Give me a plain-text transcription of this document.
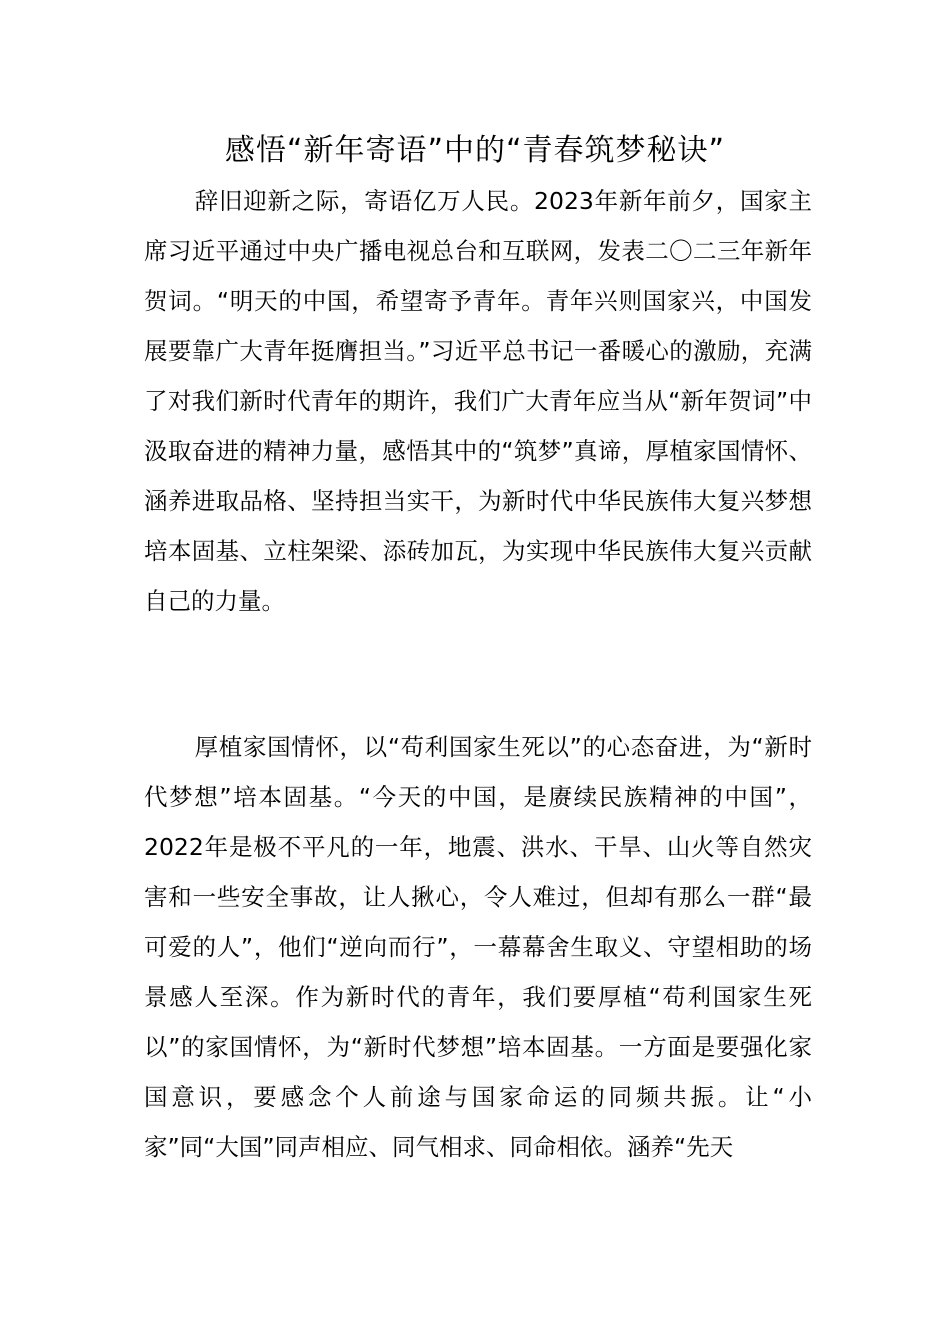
感悟“新年寄语”中的“青春筑梦秘诀”

辞旧迎新之际，寄语亿万人民。2023年新年前夕，国家主席习近平通过中央广播电视总台和互联网，发表二〇二三年新年贺词。“明天的中国，希望寄予青年。青年兴则国家兴，中国发展要靠广大青年挺膺担当。”习近平总书记一番暖心的激励，充满了对我们新时代青年的期许，我们广大青年应当从“新年贺词”中汲取奋进的精神力量，感悟其中的“筑梦”真谛，厚植家国情怀、涵养进取品格、坚持担当实干，为新时代中华民族伟大复兴梦想培本固基、立柱架梁、添砖加瓦，为实现中华民族伟大复兴贡献自己的力量。

厚植家国情怀，以“苟利国家生死以”的心态奋进，为“新时代梦想”培本固基。“今天的中国，是赓续民族精神的中国”，2022年是极不平凡的一年，地震、洪水、干旱、山火等自然灾害和一些安全事故，让人揪心，令人难过，但却有那么一群“最可爱的人”，他们“逆向而行”，一幕幕舍生取义、守望相助的场景感人至深。作为新时代的青年，我们要厚植“苟利国家生死以”的家国情怀，为“新时代梦想”培本固基。一方面是要强化家国意识，要感念个人前途与国家命运的同频共振。让“小家”同“大国”同声相应、同气相求、同命相依。涵养“先天
